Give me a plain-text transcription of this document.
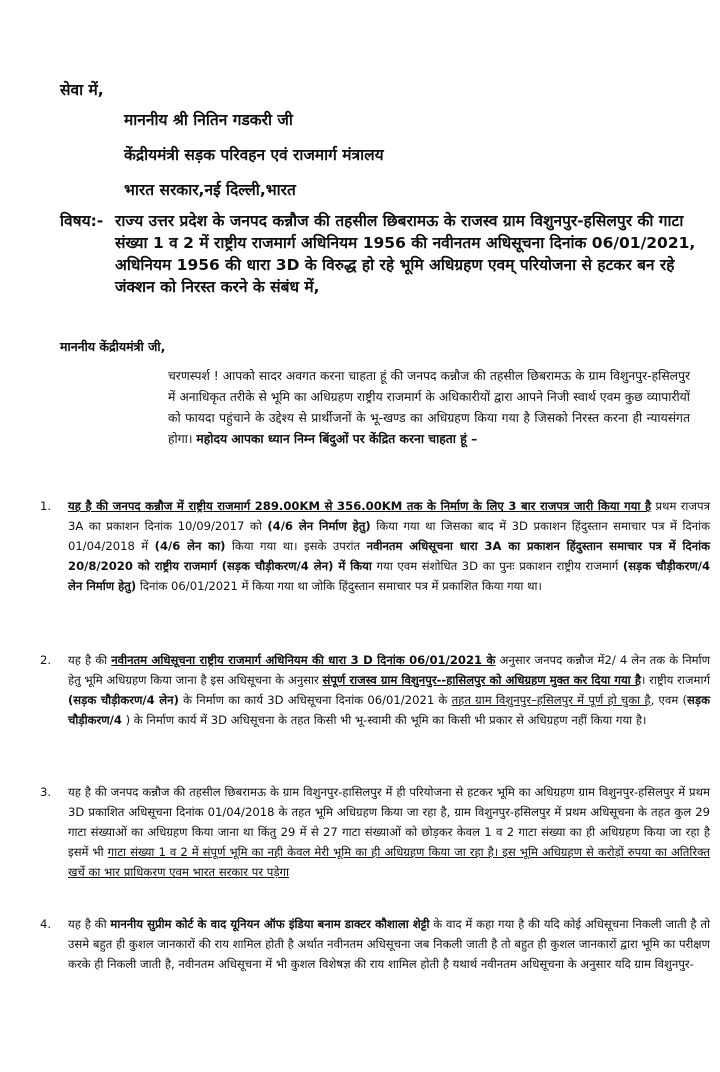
सेवा में,
माननीय श्री नितिन गडकरी जी
केंद्रीयमंत्री सड़क परिवहन एवं राजमार्ग मंत्रालय
भारत सरकार,नई दिल्ली,भारत
विषय:- राज्य उत्तर प्रदेश के जनपद कन्नौज की तहसील छिबरामऊ के राजस्व ग्राम विशुनपुर-हसिलपुर की गाटा संख्या 1 व 2 में राष्ट्रीय राजमार्ग अधिनियम 1956 की नवीनतम अधिसूचना दिनांक 06/01/2021, अधिनियम 1956 की धारा 3D के विरुद्ध हो रहे भूमि अधिग्रहण एवम् परियोजना से हटकर बन रहे जंक्शन को निरस्त करने के संबंध में,
माननीय केंद्रीयमंत्री जी,
चरणस्पर्श ! आपको सादर अवगत करना चाहता हूं की जनपद कन्नौज की तहसील छिबरामऊ के ग्राम विशुनपुर-हसिलपुर में अनाधिकृत तरीके से भूमि का अधिग्रहण राष्ट्रीय राजमार्ग के अधिकारीयों द्वारा आपने निजी स्वार्थ एवम कुछ व्यापारीयों को फायदा पहुंचाने के उद्देश्य से प्रार्थीजनों के भू-खण्ड का अधिग्रहण किया गया है जिसको निरस्त करना ही न्यायसंगत होगा। महोदय आपका ध्यान निम्न बिंदुओं पर केंद्रित करना चाहता हूं –
1. यह है की जनपद कन्नौज में राष्ट्रीय राजमार्ग 289.00KM से 356.00KM तक के निर्माण के लिए 3 बार राजपत्र जारी किया गया है प्रथम राजपत्र 3A का प्रकाशन दिनांक 10/09/2017 को (4/6 लेन निर्माण हेतु) किया गया था जिसका बाद में 3D प्रकाशन हिंदुस्तान समाचार पत्र में दिनांक 01/04/2018 में (4/6 लेन का) किया गया था। इसके उपरांत नवीनतम अधिसूचना धारा 3A का प्रकाशन हिंदुस्तान समाचार पत्र में दिनांक 20/8/2020 को राष्ट्रीय राजमार्ग (सड़क चौड़ीकरण/4 लेन) में किया गया एवम संशोधित 3D का पुनः प्रकाशन राष्ट्रीय राजमार्ग (सड़क चौड़ीकरण/4 लेन निर्माण हेतु) दिनांक 06/01/2021 में किया गया था जोकि हिंदुस्तान समाचार पत्र में प्रकाशित किया गया था।
2. यह है की नवीनतम अधिसूचना राष्ट्रीय राजमार्ग अधिनियम की धारा 3 D दिनांक 06/01/2021 के अनुसार जनपद कन्नौज में2/ 4 लेन तक के निर्माण हेतु भूमि अधिग्रहण किया जाना है इस अधिसूचना के अनुसार संपूर्ण राजस्व ग्राम विशुनपुर--हासिलपुर को अधिग्रहण मुक्त कर दिया गया है। राष्ट्रीय राजमार्ग (सड़क चौड़ीकरण/4 लेन) के निर्माण का कार्य 3D अधिसूचना दिनांक 06/01/2021 के तहत ग्राम विशुनपुर–हसिलपुर में पूर्ण हो चुका है, एवम (सड़क चौड़ीकरण/4 ) के निर्माण कार्य में 3D अधिसूचना के तहत किसी भी भू-स्वामी की भूमि का किसी भी प्रकार से अधिग्रहण नहीं किया गया है।
3. यह है की जनपद कन्नौज की तहसील छिबरामऊ के ग्राम विशुनपुर-हासिलपुर में ही परियोजना से हटकर भूमि का अधिग्रहण ग्राम विशुनपुर-हसिलपुर में प्रथम 3D प्रकाशित अधिसूचना दिनांक 01/04/2018 के तहत भूमि अधिग्रहण किया जा रहा है, ग्राम विशुनपुर-हसिलपुर में प्रथम अधिसूचना के तहत कुल 29 गाटा संख्याओं का अधिग्रहण किया जाना था किंतु 29 में से 27 गाटा संख्याओं को छोड़कर केवल 1 व 2 गाटा संख्या का ही अधिग्रहण किया जा रहा है इसमें भी गाटा संख्या 1 व 2 में संपूर्ण भूमि का नही केवल मेरी भूमि का ही अधिग्रहण किया जा रहा है। इस भूमि अधिग्रहण से करोड़ों रुपया का अतिरिक्त खर्चे का भार प्राधिकरण एवम भारत सरकार पर पड़ेगा
4. यह है की माननीय सुप्रीम कोर्ट के वाद यूनियन ऑफ इंडिया बनाम डाक्टर कौशाला शेट्टी के वाद में कहा गया है की यदि कोई अधिसूचना निकली जाती है तो उसमे बहुत ही कुशल जानकारों की राय शामिल होती है अर्थात नवीनतम अधिसूचना जब निकली जाती है तो बहुत ही कुशल जानकारों द्वारा भूमि का परीक्षण करके ही निकली जाती है, नवीनतम अधिसूचना में भी कुशल विशेषज्ञ की राय शामिल होती है यथार्थ नवीनतम अधिसूचना के अनुसार यदि ग्राम विशुनपुर-
